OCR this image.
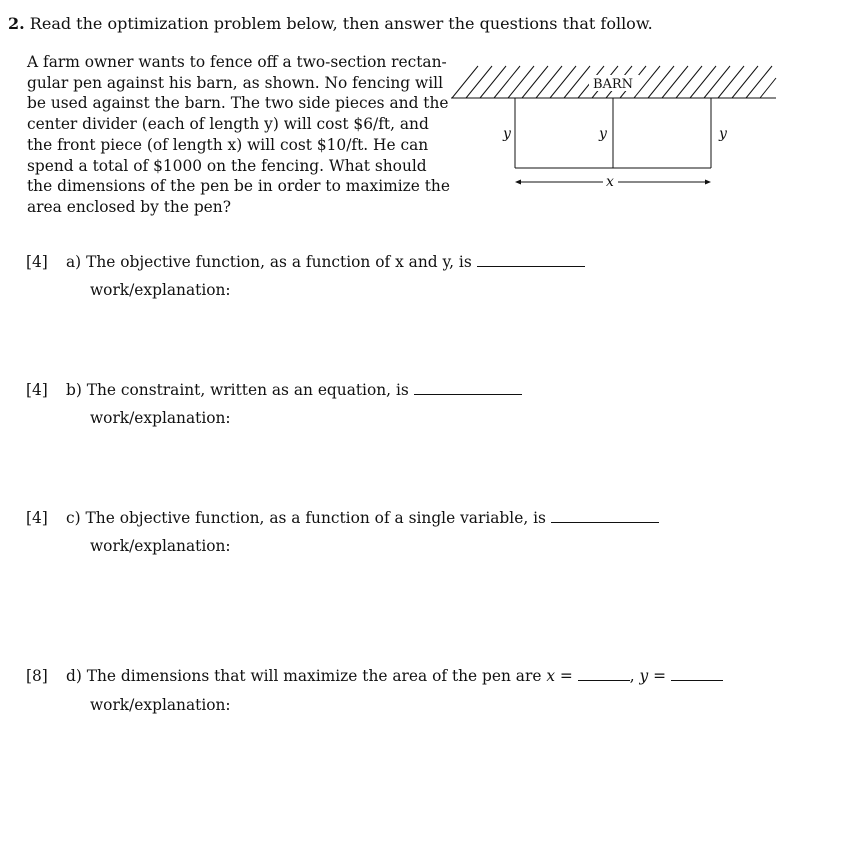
2. Read the optimization problem below, then answer the questions that follow.
A farm owner wants to fence off a two-section rectan-
gular pen against his barn, as shown. No fencing will
be used against the barn. The two side pieces and the
center divider (each of length y) will cost $6/ft, and
the front piece (of length x) will cost $10/ft. He can
spend a total of $1000 on the fencing. What should
the dimensions of the pen be in order to maximize the
area enclosed by the pen?
BARN
y	y	y
x
[4] a) The objective function, as a function of x and y, is
work/explanation:
[4] b) The constraint, written as an equation, is
work/explanation:
[4] c) The objective function, as a function of a single variable, is
work/explanation:
[8] d) The dimensions that will maximize the area of the pen are x =	, y =
work/explanation:
